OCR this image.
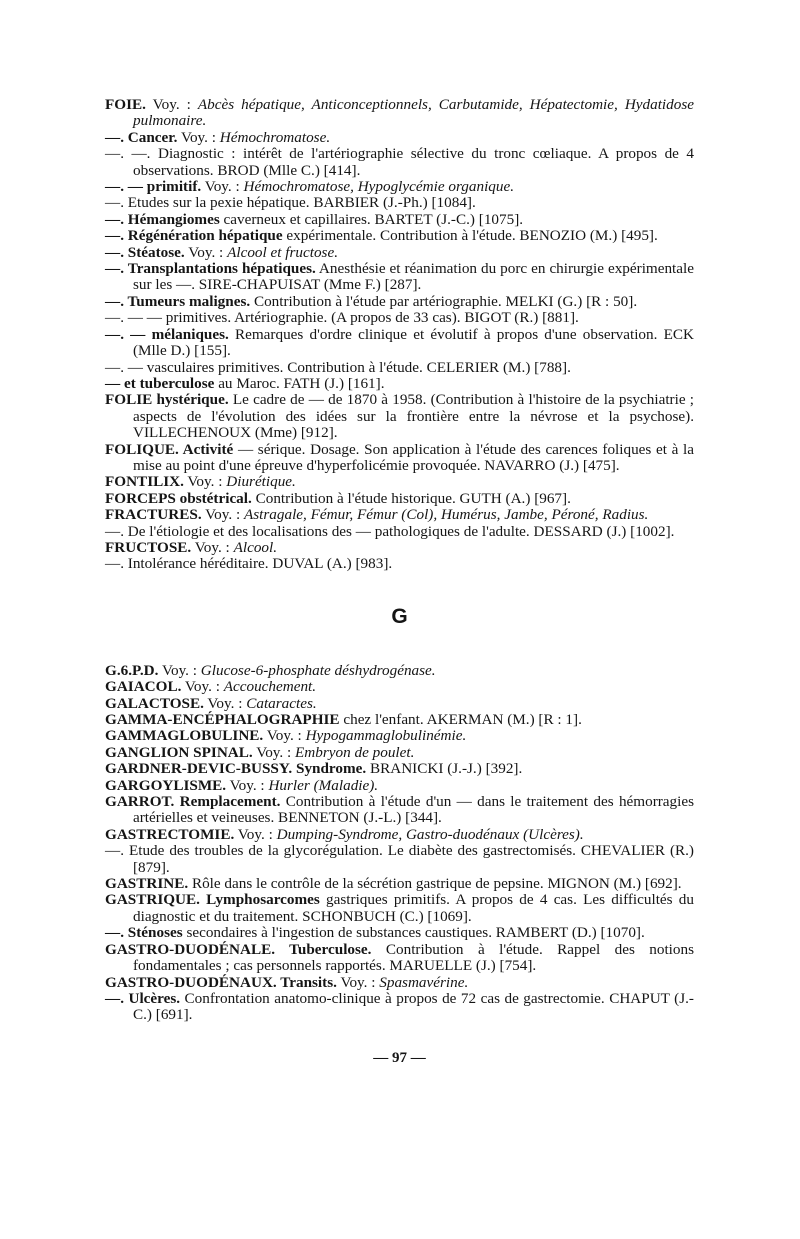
FOIE. Voy. : Abcès hépatique, Anticonceptionnels, Carbutamide, Hépatectomie, Hydatidose pulmonaire.

—. Cancer. Voy. : Hémochromatose.

—. —. Diagnostic : intérêt de l'artériographie sélective du tronc cœliaque. A propos de 4 observations. BROD (Mlle C.) [414].

—. — primitif. Voy. : Hémochromatose, Hypoglycémie organique.

—. Etudes sur la pexie hépatique. BARBIER (J.-Ph.) [1084].

—. Hémangiomes caverneux et capillaires. BARTET (J.-C.) [1075].

—. Régénération hépatique expérimentale. Contribution à l'étude. BENOZIO (M.) [495].

—. Stéatose. Voy. : Alcool et fructose.

—. Transplantations hépatiques. Anesthésie et réanimation du porc en chirurgie expérimentale sur les —. SIRE-CHAPUISAT (Mme F.) [287].

—. Tumeurs malignes. Contribution à l'étude par artériographie. MELKI (G.) [R : 50].

—. — — primitives. Artériographie. (A propos de 33 cas). BIGOT (R.) [881].

—. — mélaniques. Remarques d'ordre clinique et évolutif à propos d'une observation. ECK (Mlle D.) [155].

—. — vasculaires primitives. Contribution à l'étude. CELERIER (M.) [788].

— et tuberculose au Maroc. FATH (J.) [161].

FOLIE hystérique. Le cadre de — de 1870 à 1958. (Contribution à l'histoire de la psychiatrie ; aspects de l'évolution des idées sur la frontière entre la névrose et la psychose). VILLECHENOUX (Mme) [912].

FOLIQUE. Activité — sérique. Dosage. Son application à l'étude des carences foliques et à la mise au point d'une épreuve d'hyperfolicémie provoquée. NAVARRO (J.) [475].

FONTILIX. Voy. : Diurétique.

FORCEPS obstétrical. Contribution à l'étude historique. GUTH (A.) [967].

FRACTURES. Voy. : Astragale, Fémur, Fémur (Col), Humérus, Jambe, Péroné, Radius.

—. De l'étiologie et des localisations des — pathologiques de l'adulte. DESSARD (J.) [1002].

FRUCTOSE. Voy. : Alcool.

—. Intolérance héréditaire. DUVAL (A.) [983].

G

G.6.P.D. Voy. : Glucose-6-phosphate déshydrogénase.

GAIACOL. Voy. : Accouchement.

GALACTOSE. Voy. : Cataractes.

GAMMA-ENCÉPHALOGRAPHIE chez l'enfant. AKERMAN (M.) [R : 1].

GAMMAGLOBULINE. Voy. : Hypogammaglobulinémie.

GANGLION SPINAL. Voy. : Embryon de poulet.

GARDNER-DEVIC-BUSSY. Syndrome. BRANICKI (J.-J.) [392].

GARGOYLISME. Voy. : Hurler (Maladie).

GARROT. Remplacement. Contribution à l'étude d'un — dans le traitement des hémorragies artérielles et veineuses. BENNETON (J.-L.) [344].

GASTRECTOMIE. Voy. : Dumping-Syndrome, Gastro-duodénaux (Ulcères).

—. Etude des troubles de la glycorégulation. Le diabète des gastrectomisés. CHEVALIER (R.) [879].

GASTRINE. Rôle dans le contrôle de la sécrétion gastrique de pepsine. MIGNON (M.) [692].

GASTRIQUE. Lymphosarcomes gastriques primitifs. A propos de 4 cas. Les difficultés du diagnostic et du traitement. SCHONBUCH (C.) [1069].

—. Sténoses secondaires à l'ingestion de substances caustiques. RAMBERT (D.) [1070].

GASTRO-DUODÉNALE. Tuberculose. Contribution à l'étude. Rappel des notions fondamentales ; cas personnels rapportés. MARUELLE (J.) [754].

GASTRO-DUODÉNAUX. Transits. Voy. : Spasmavérine.

—. Ulcères. Confrontation anatomo-clinique à propos de 72 cas de gastrectomie. CHAPUT (J.-C.) [691].

— 97 —
